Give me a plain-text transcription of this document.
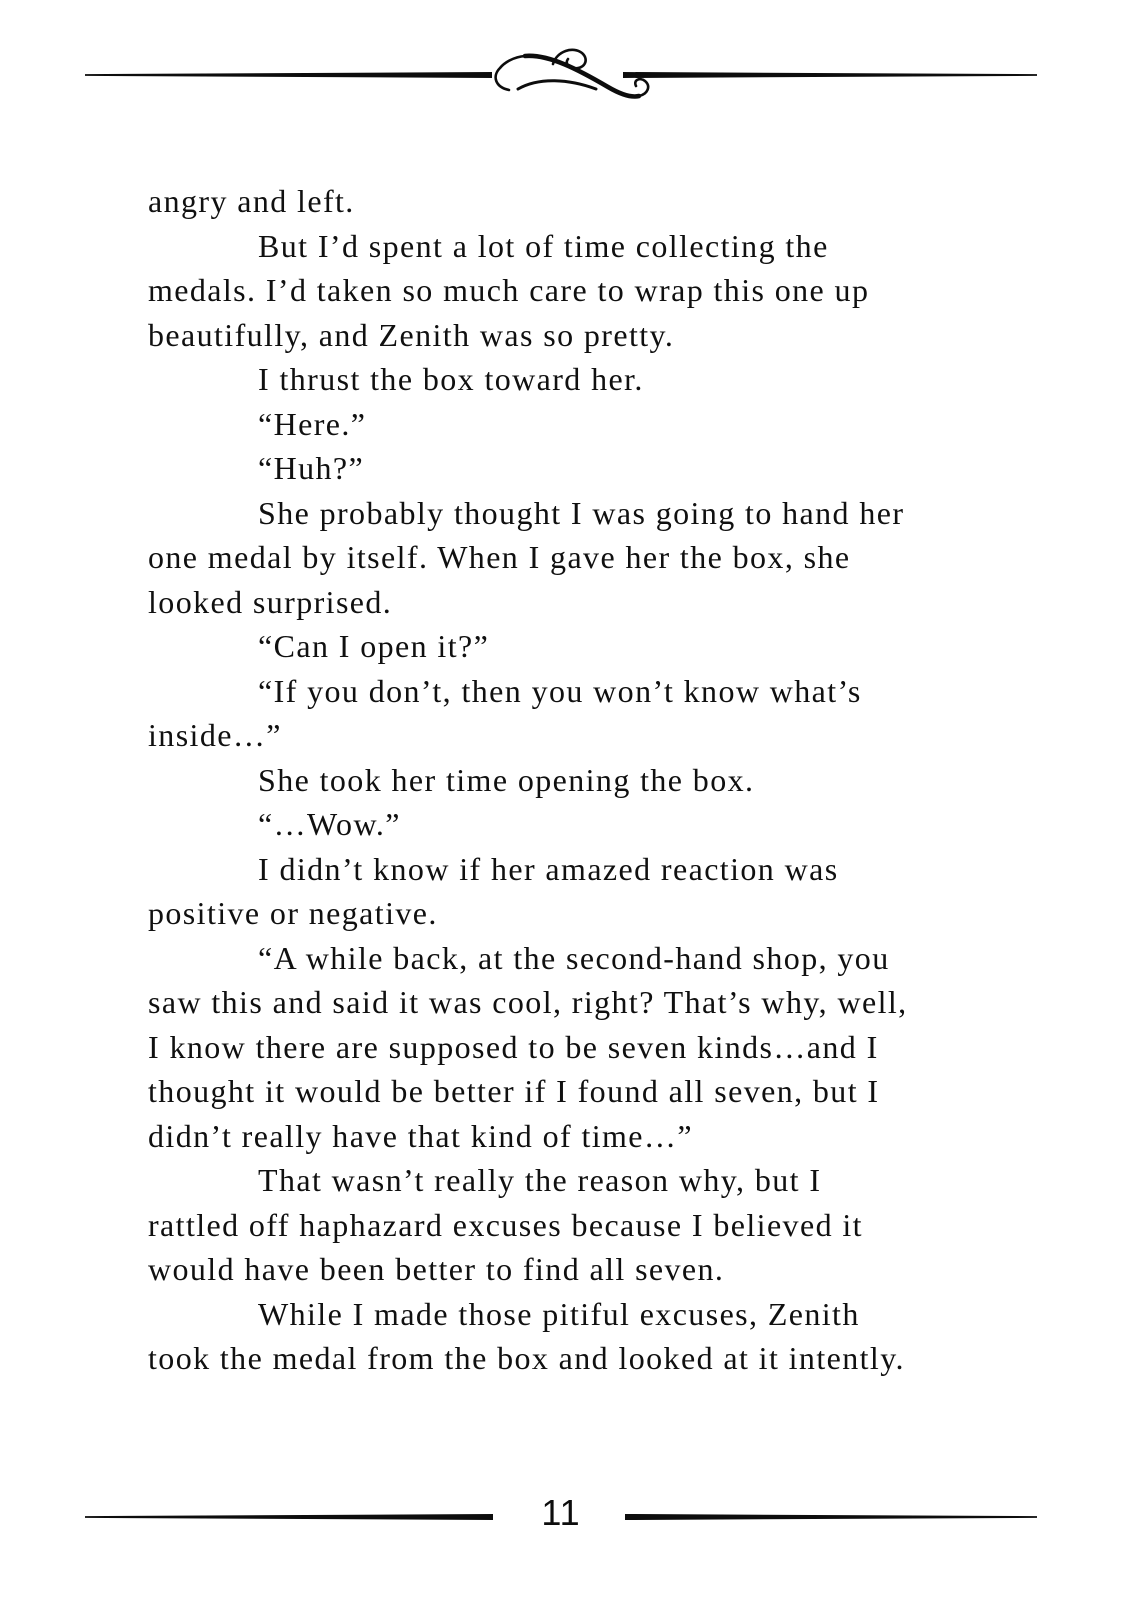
angry and left.

But I’d spent a lot of time collecting the medals. I’d taken so much care to wrap this one up beautifully, and Zenith was so pretty.

I thrust the box toward her.

“Here.”

“Huh?”

She probably thought I was going to hand her one medal by itself. When I gave her the box, she looked surprised.

“Can I open it?”

“If you don’t, then you won’t know what’s inside…”

She took her time opening the box.

“…Wow.”

I didn’t know if her amazed reaction was positive or negative.

“A while back, at the second-hand shop, you saw this and said it was cool, right? That’s why, well, I know there are supposed to be seven kinds…and I thought it would be better if I found all seven, but I didn’t really have that kind of time…”

That wasn’t really the reason why, but I rattled off haphazard excuses because I believed it would have been better to find all seven.

While I made those pitiful excuses, Zenith took the medal from the box and looked at it intently.

11
